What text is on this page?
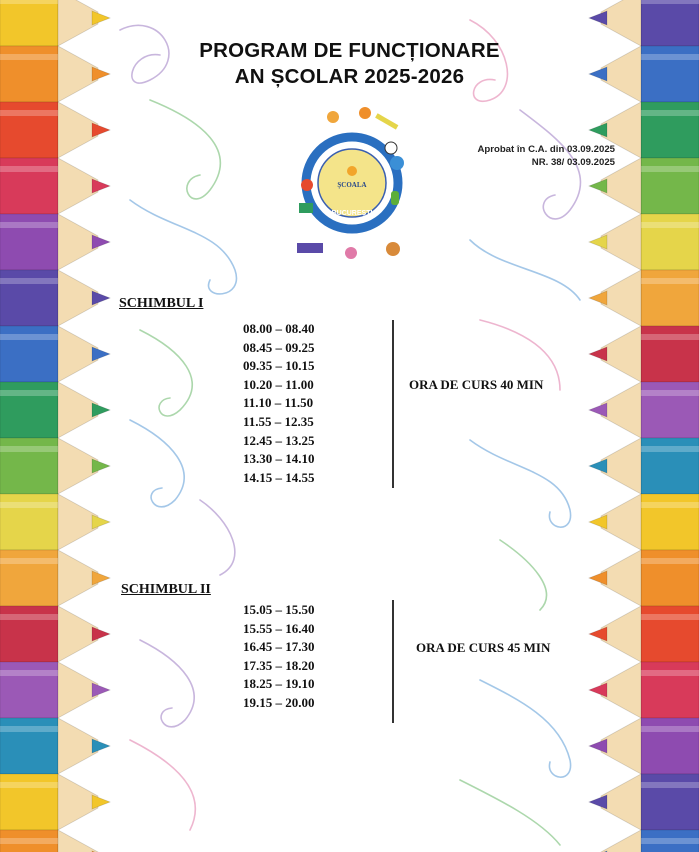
PROGRAM DE FUNCȚIONARE
AN ȘCOLAR 2025-2026
Școala Gimnazială
ȘCOALA
BUCUREȘTI
Aprobat în C.A. din 03.09.2025
NR. 38/ 03.09.2025
SCHIMBUL I
08.00 – 08.40
08.45 – 09.25
09.35 – 10.15
10.20 – 11.00
11.10 – 11.50
11.55 – 12.35
12.45 – 13.25
13.30 – 14.10
14.15 – 14.55
ORA DE CURS 40 MIN
SCHIMBUL II
15.05 – 15.50
15.55 – 16.40
16.45 – 17.30
17.35 – 18.20
18.25 – 19.10
19.15 – 20.00
ORA DE CURS 45 MIN
